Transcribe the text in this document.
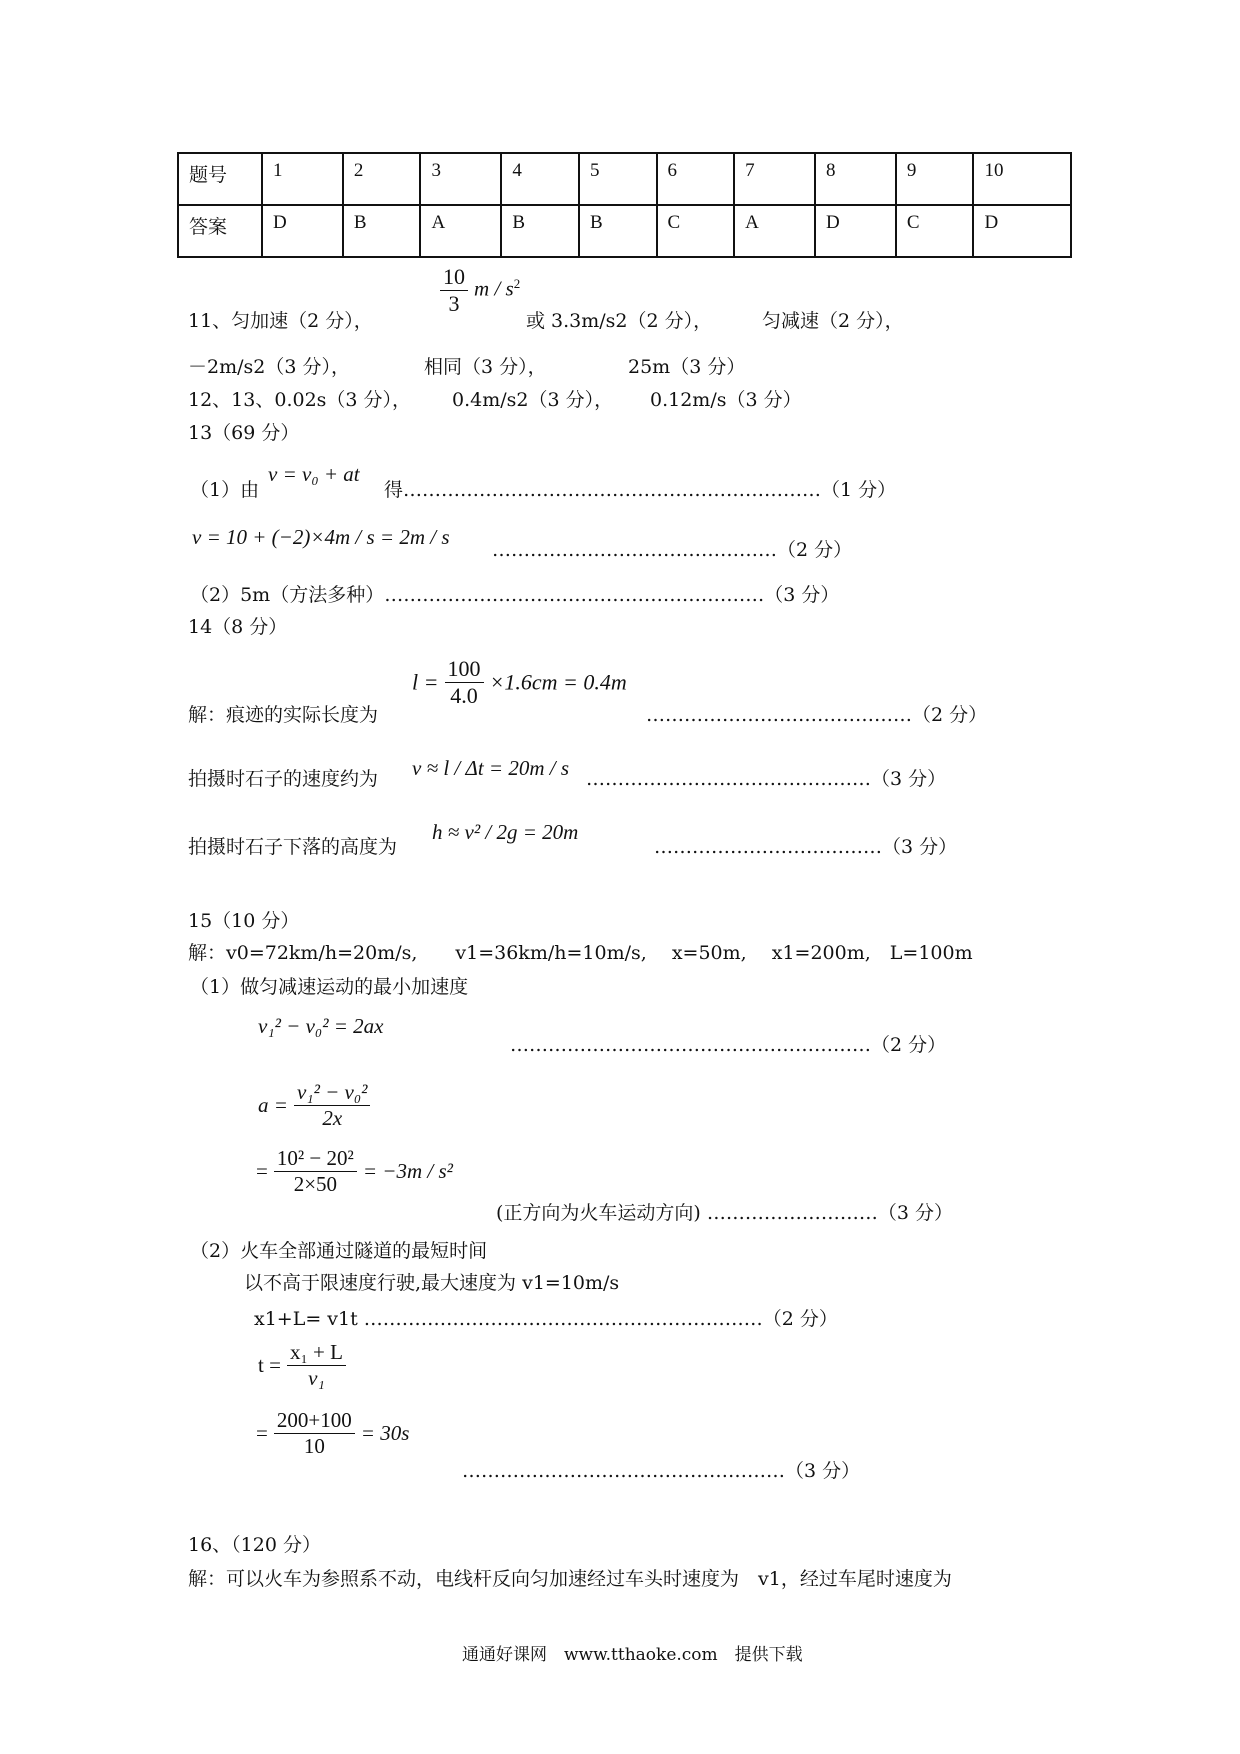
题号	1	2	3	4	5	6	7	8	9	10
答案	D	B	A	B	B	C	A	D	C	D
11、匀加速（2 分），
$\frac{10}{3}$ m / $s^2$
或 3.3m/s2（2 分），	匀减速（2 分），
－2m/s2（3 分），	相同（3 分），	25m（3 分）
12、13、0.02s（3 分）， 0.4m/s2（3 分）， 0.12m/s（3 分）
13（69 分）
（1）由
v = v₀ + at
得…………………………………………………………（1 分）
v = 10 + (−2)×4m / s = 2m / s
………………………………………（2 分）
（2）5m（方法多种）……………………………………………………（3 分）
14（8 分）
解：痕迹的实际长度为
$l = \frac{100}{4.0} \times 1.6cm = 0.4m$
……………………………………（2 分）
拍摄时石子的速度约为 v ≈ l / Δt = 20m / s ………………………………………（3 分）
拍摄时石子下落的高度为
h ≈ v² / 2g = 20m
………………………………（3 分）
15（10 分）
解：v0=72km/h=20m/s,　　v1=36km/h=10m/s,　 x=50m,　 x1=200m,　L=100m
（1）做匀减速运动的最小加速度
v₁² − v₀² = 2ax
…………………………………………………（2 分）
$a = \frac{\text{v₁² − v₀²}}{2x}$
= $\frac{\text{10² − 20²}}{2\times 50} = -3m / s^2$
(正方向为火车运动方向) ………………………（3 分）
（2）火车全部通过隧道的最短时间
以不高于限速度行驶,最大速度为 v1=10m/s
x1+L= v1t ………………………………………………………（2 分）
$t = \frac{\text{x₁ + L}}{\text{v₁}}$
= $\frac{200+100}{10} = 30s$
……………………………………………（3 分）
16、（120 分）
解：可以火车为参照系不动，电线杆反向匀加速经过车头时速度为　v1，经过车尾时速度为
通通好课网　www.tthaoke.com　提供下载
